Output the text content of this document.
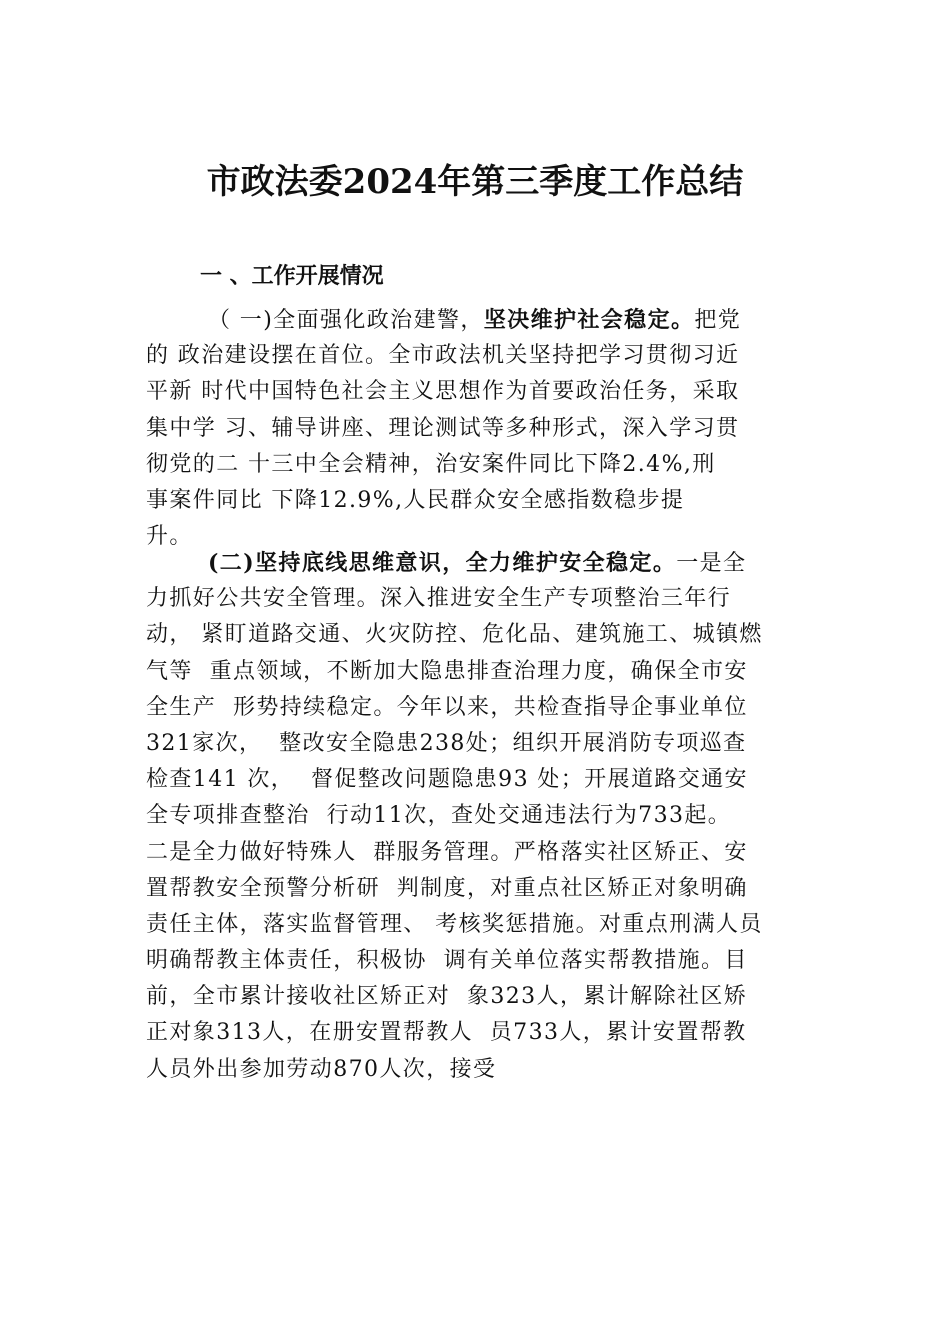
市政法委2024年第三季度工作总结
一 、工作开展情况
（ 一)全面强化政治建警，坚决维护社会稳定。把党
的 政治建设摆在首位。全市政法机关坚持把学习贯彻习近
平新 时代中国特色社会主义思想作为首要政治任务，采取
集中学 习、辅导讲座、理论测试等多种形式，深入学习贯
彻党的二 十三中全会精神，治安案件同比下降2.4%,刑
事案件同比 下降12.9%,人民群众安全感指数稳步提
升。
(二)坚持底线思维意识，全力维护安全稳定。一是全
力抓好公共安全管理。深入推进安全生产专项整治三年行
动， 紧盯道路交通、火灾防控、危化品、建筑施工、城镇燃
气等  重点领域，不断加大隐患排查治理力度，确保全市安
全生产  形势持续稳定。今年以来，共检查指导企事业单位
321家次，  整改安全隐患238处；组织开展消防专项巡查
检查141 次，  督促整改问题隐患93 处；开展道路交通安
全专项排查整治  行动11次，查处交通违法行为733起。
二是全力做好特殊人  群服务管理。严格落实社区矫正、安
置帮教安全预警分析研  判制度，对重点社区矫正对象明确
责任主体，落实监督管理、 考核奖惩措施。对重点刑满人员
明确帮教主体责任，积极协  调有关单位落实帮教措施。目
前，全市累计接收社区矫正对  象323人，累计解除社区矫
正对象313人，在册安置帮教人  员733人，累计安置帮教
人员外出参加劳动870人次，接受
